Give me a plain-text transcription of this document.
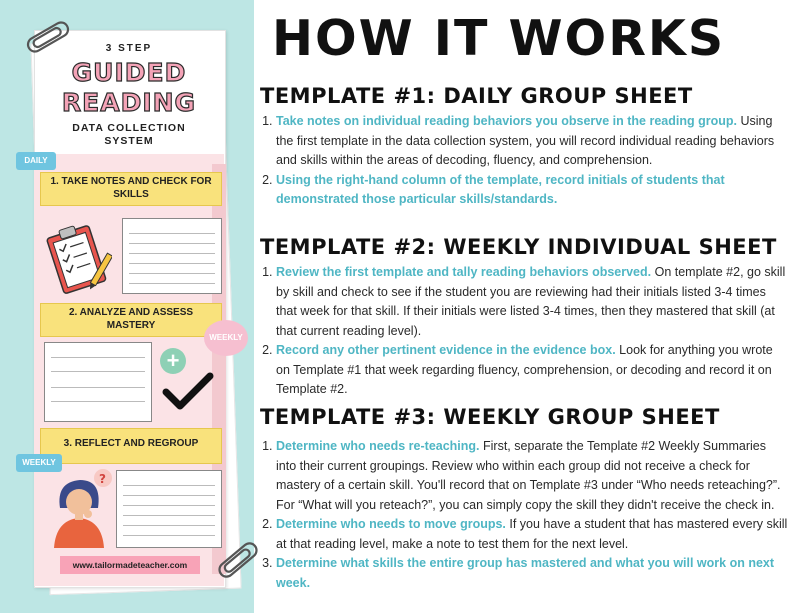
3 STEP
GUIDED
READING
DATA COLLECTION
SYSTEM
DAILY
1. TAKE NOTES AND CHECK FOR
SKILLS
2. ANALYZE AND ASSESS
MASTERY
WEEKLY
+
3. REFLECT AND REGROUP
WEEKLY
?
www.tailormadeteacher.com
HOW IT WORKS
TEMPLATE #1: DAILY GROUP SHEET
1. Take notes on individual reading behaviors you observe in the reading group. Using the first template in the data collection system, you will record individual reading behaviors and skills within the areas of decoding, fluency, and comprehension.
2. Using the right-hand column of the template, record initials of students that demonstrated those particular skills/standards.
TEMPLATE #2: WEEKLY INDIVIDUAL SHEET
1. Review the first template and tally reading behaviors observed. On template #2, go skill by skill and check to see if the student you are reviewing had their initials listed 3-4 times that week for that skill. If their initials were listed 3-4 times, then they mastered that skill (at that current reading level).
2. Record any other pertinent evidence in the evidence box. Look for anything you wrote on Template #1 that week regarding fluency, comprehension, or decoding and record it on Template #2.
TEMPLATE #3: WEEKLY GROUP SHEET
1. Determine who needs re-teaching. First, separate the Template #2 Weekly Summaries into their current groupings. Review who within each group did not receive a check for mastery of a certain skill. You'll record that on Template #3 under “Who needs reteaching?”. For “What will you reteach?”, you can simply copy the skill they didn't receive the check in.
2. Determine who needs to move groups. If you have a student that has mastered every skill at that reading level, make a note to test them for the next level.
3. Determine what skills the entire group has mastered and what you will work on next week.
